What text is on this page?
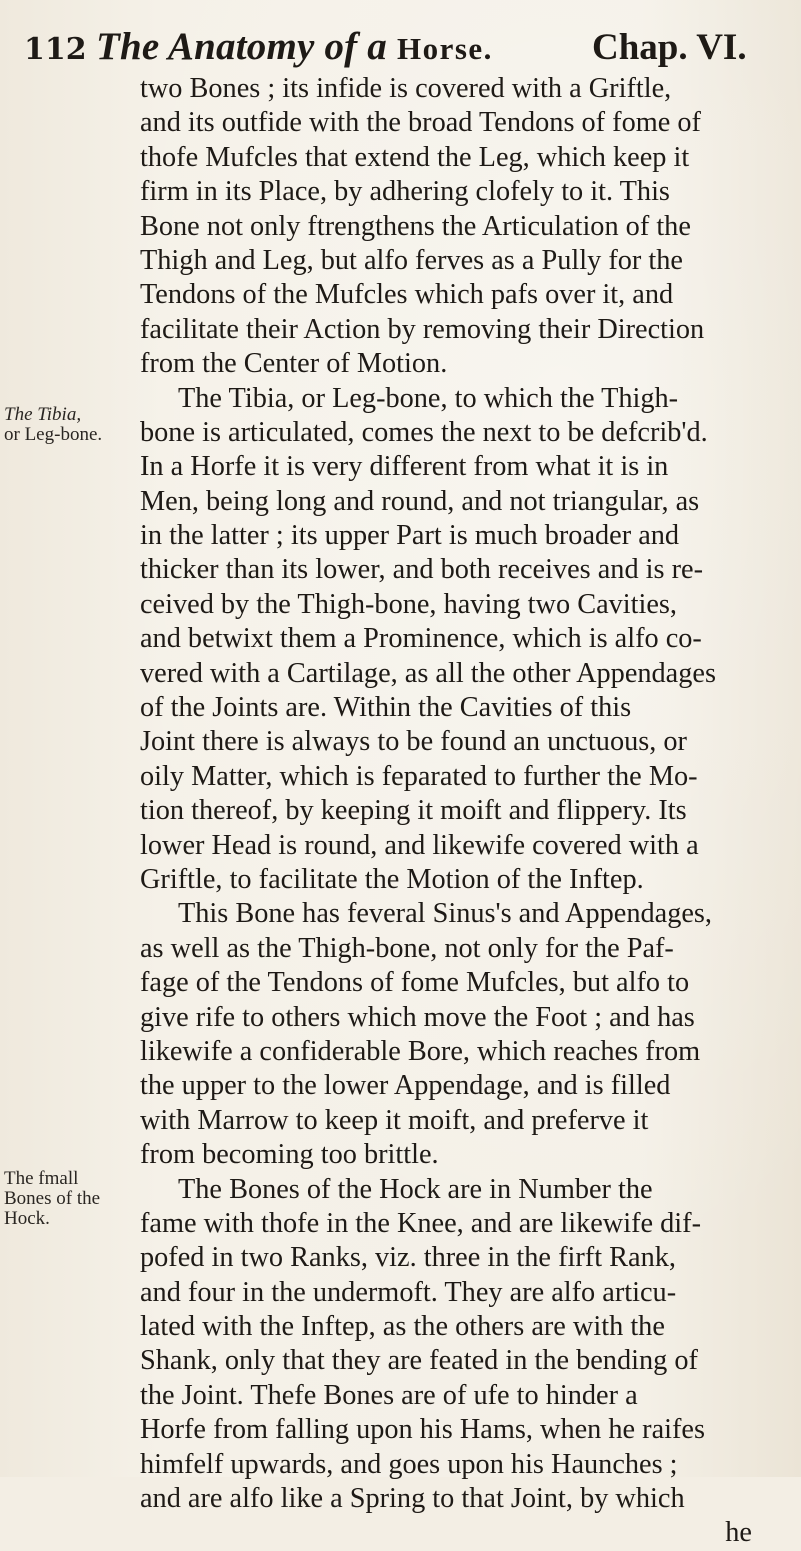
112 The Anatomy of a Horse.	Chap. VI.
The Tibia,
or Leg-bone.
The fmall
Bones of the
Hock.
two Bones ; its infide is covered with a Griftle,
and its outfide with the broad Tendons of fome of
thofe Mufcles that extend the Leg, which keep it
firm in its Place, by adhering clofely to it. This
Bone not only ftrengthens the Articulation of the
Thigh and Leg, but alfo ferves as a Pully for the
Tendons of the Mufcles which pafs over it, and
facilitate their Action by removing their Direction
from the Center of Motion.
The Tibia, or Leg-bone, to which the Thigh-
bone is articulated, comes the next to be defcrib'd.
In a Horfe it is very different from what it is in
Men, being long and round, and not triangular, as
in the latter ; its upper Part is much broader and
thicker than its lower, and both receives and is re-
ceived by the Thigh-bone, having two Cavities,
and betwixt them a Prominence, which is alfo co-
vered with a Cartilage, as all the other Appendages
of the Joints are. Within the Cavities of this
Joint there is always to be found an unctuous, or
oily Matter, which is feparated to further the Mo-
tion thereof, by keeping it moift and flippery. Its
lower Head is round, and likewife covered with a
Griftle, to facilitate the Motion of the Inftep.
This Bone has feveral Sinus's and Appendages,
as well as the Thigh-bone, not only for the Paf-
fage of the Tendons of fome Mufcles, but alfo to
give rife to others which move the Foot ; and has
likewife a confiderable Bore, which reaches from
the upper to the lower Appendage, and is filled
with Marrow to keep it moift, and preferve it
from becoming too brittle.
The Bones of the Hock are in Number the
fame with thofe in the Knee, and are likewife dif-
pofed in two Ranks, viz. three in the firft Rank,
and four in the undermoft. They are alfo articu-
lated with the Inftep, as the others are with the
Shank, only that they are feated in the bending of
the Joint. Thefe Bones are of ufe to hinder a
Horfe from falling upon his Hams, when he raifes
himfelf upwards, and goes upon his Haunches ;
and are alfo like a Spring to that Joint, by which
he
